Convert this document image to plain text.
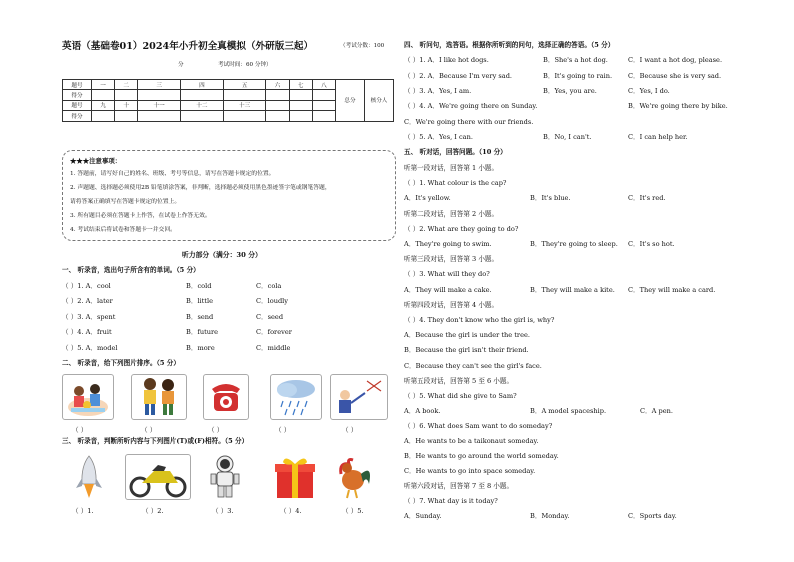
英语（基础卷01）2024年小升初全真模拟（外研版三起）	（考试分数：100
分	考试时间：60 分钟）
题号	一	二	三	四	五	六	七	八	总分	核分人
得分										
题号	九	十	十一	十二	十三					
得分										
★★★注意事项：
1. 答题前，请写好自己的姓名、班级、考号等信息，请写在答题卡规定的位置。
2. 声题题、选择题必须使用2B 铅笔填涂答案，非判断，选择题必须使用黑色墨迹签字笔或钢笔答题，
请将答案正确填写在答题卡规定的位置上。
3. 所有题目必须在答题卡上作答，在试卷上作答无效。
4. 考试结束后将试卷和答题卡一并交回。
听力部分（满分：30 分）
一、 听录音，选出句子所含有的单词。（5 分）
（ ）1. A．cool	B．cold	C．cola
（ ）2. A．later	B．little	C．loudly
（ ）3. A．spent	B．send	C．seed
（ ）4. A．fruit	B．future	C．forever
（ ）5. A．model	B．more	C．middle
二、 听录音，给下列图片排序。（5 分）
（ ）	（ ）	（ ）	（ ）	（ ）
三、 听录音，判断所听内容与下列图片(T)或(F)相符。（5 分）
（ ）1.	（ ）2.	（ ）3.	（ ）4.	（ ）5.
四、 听问句，选答语。根据你所听到的问句，选择正确的答语。（5 分）
（ ）1. A．I like hot dogs.	B．She's a hot dog.	C．I want a hot dog, please.
（ ）2. A．Because I'm very sad.	B．It's going to rain. C．Because she is very sad.
（ ）3. A．Yes, I am.	B．Yes, you are.	C．Yes, I do.
（ ）4. A．We're going there on Sunday.	B．We're going there by bike.
C．We're going there with our friends.
（ ）5. A．Yes, I can.	B．No, I can't.	C．I can help her.
五、 听对话，回答问题。（10 分）
听第一段对话，回答第 1 小题。
（ ）1. What colour is the cap?
A．It's yellow.	B．It's blue.	C．It's red.
听第二段对话，回答第 2 小题。
（ ）2. What are they going to do?
A．They're going to swim.	B．They're going to sleep. C．It's so hot.
听第三段对话，回答第 3 小题。
（ ）3. What will they do?
A．They will make a cake.	B．They will make a kite. C．They will make a card.
听第四段对话，回答第 4 小题。
（ ）4. They don't know who the girl is, why?
A．Because the girl is under the tree.
B．Because the girl isn't their friend.
C．Because they can't see the girl's face.
听第五段对话，回答第 5 至 6 小题。
（ ）5. What did she give to Sam?
A．A book.	B．A model spaceship.	C．A pen.
（ ）6. What does Sam want to do someday?
A．He wants to be a taikonaut someday.
B．He wants to go around the world someday.
C．He wants to go into space someday.
听第六段对话，回答第 7 至 8 小题。
（ ）7. What day is it today?
A．Sunday.	B．Monday.	C．Sports day.
